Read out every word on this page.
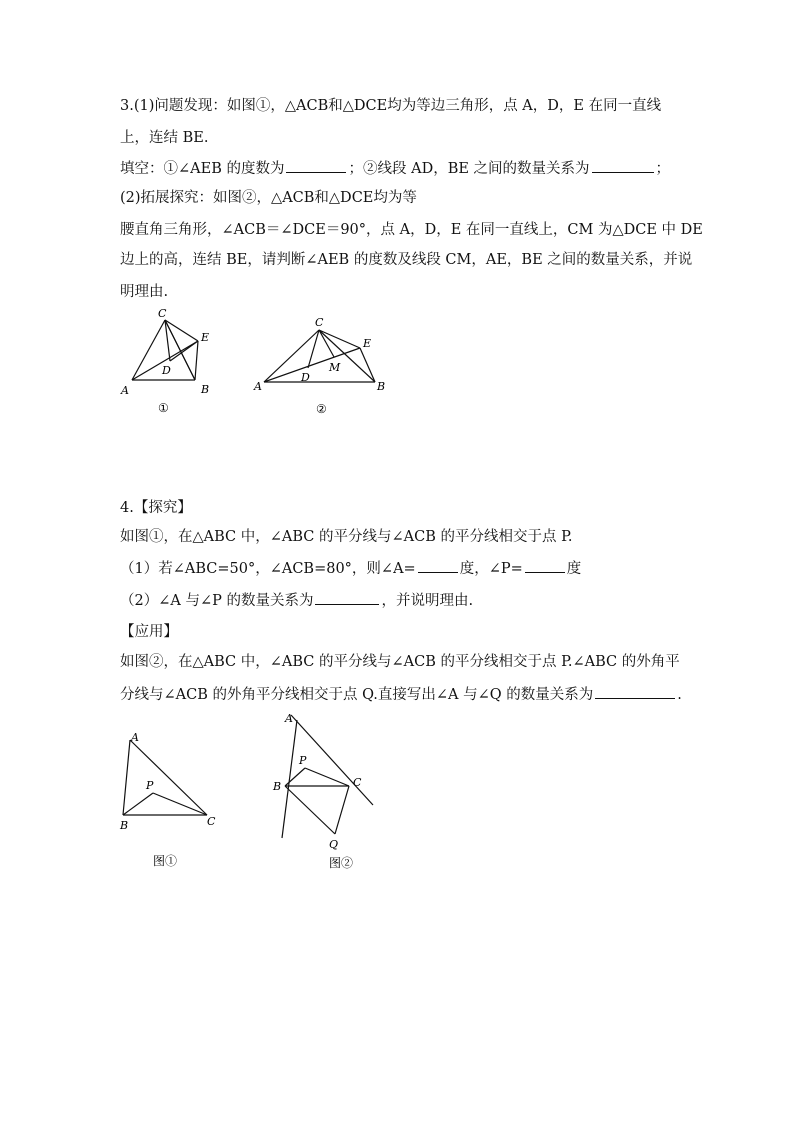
3.(1)问题发现：如图①，△ACB和△DCE均为等边三角形，点 A，D，E 在同一直线
上，连结 BE.
填空：①∠AEB 的度数为	；②线段 AD，BE 之间的数量关系为	；
(2)拓展探究：如图②，△ACB和△DCE均为等
腰直角三角形，∠ACB＝∠DCE＝90°，点 A，D，E 在同一直线上，CM 为△DCE 中 DE
边上的高，连结 BE，请判断∠AEB 的度数及线段 CM，AE，BE 之间的数量关系，并说
明理由.
C
E
D
A	B
①
C
E
D
M
A	B
②
4.【探究】
如图①，在△ABC 中，∠ABC 的平分线与∠ACB 的平分线相交于点 P.
（1）若∠ABC=50°，∠ACB=80°，则∠A=	度，∠P=	度
（2）∠A 与∠P 的数量关系为	，并说明理由.
【应用】
如图②，在△ABC 中，∠ABC 的平分线与∠ACB 的平分线相交于点 P.∠ABC 的外角平
分线与∠ACB 的外角平分线相交于点 Q.直接写出∠A 与∠Q 的数量关系为	.
A
P
B	C
图①
A
P
B	C
Q
图②
